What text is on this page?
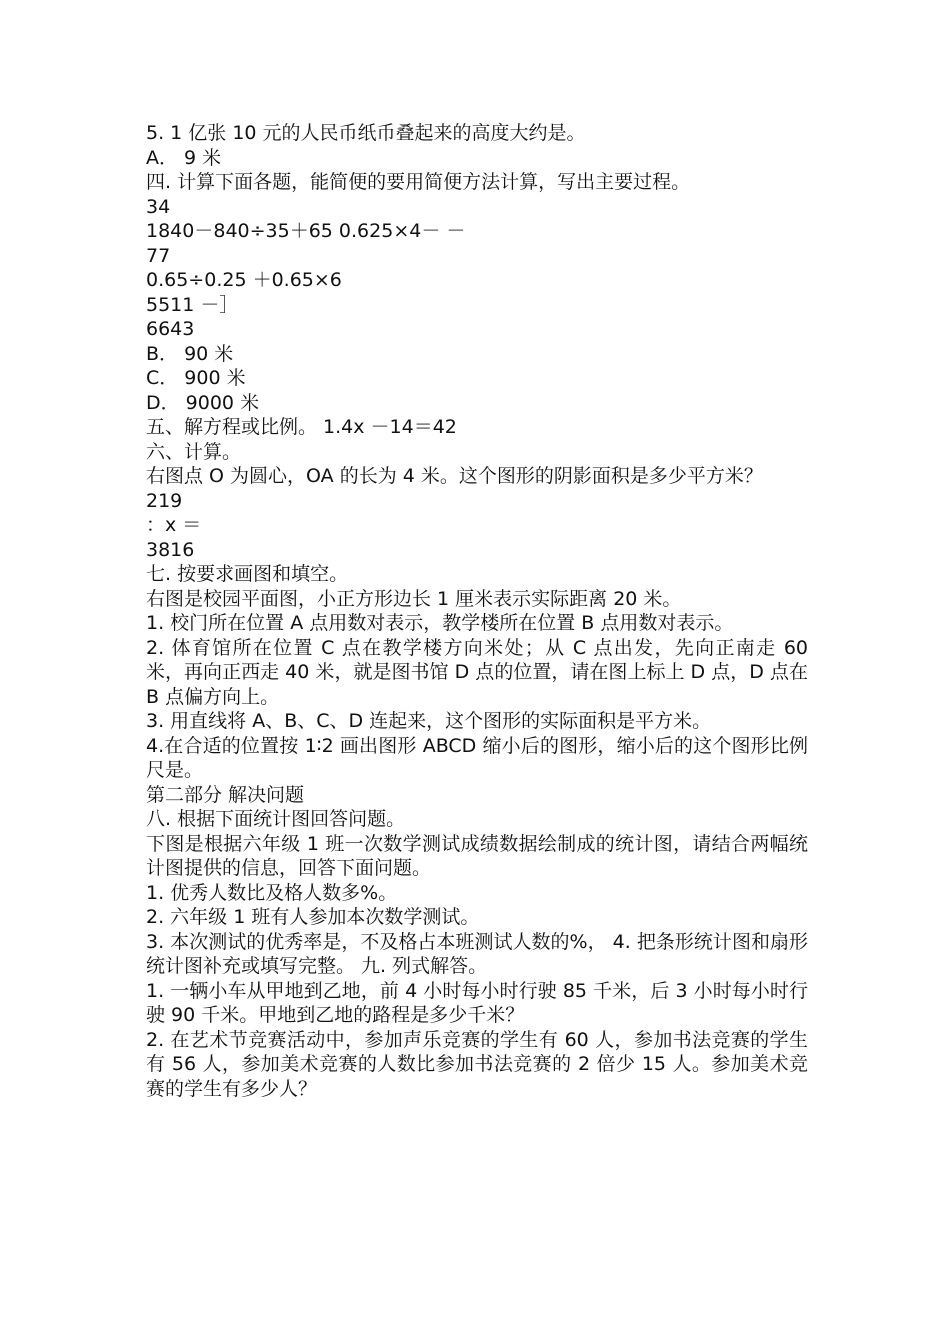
5. 1 亿张 10 元的人民币纸币叠起来的高度大约是。

A． 9 米

四. 计算下面各题，能简便的要用简便方法计算，写出主要过程。

34

1840－840÷35＋65 0.625×4－ －

77

0.65÷0.25 ＋0.65×6

5511 －］

6643

B． 90 米

C． 900 米

D． 9000 米

五、解方程或比例。 1.4x －14＝42

六、计算。

右图点 O 为圆心，OA 的长为 4 米。这个图形的阴影面积是多少平方米？

219

：x ＝

3816

七. 按要求画图和填空。

右图是校园平面图，小正方形边长 1 厘米表示实际距离 20 米。

1. 校门所在位置 A 点用数对表示，教学楼所在位置 B 点用数对表示。

2. 体育馆所在位置 C 点在教学楼方向米处；从 C 点出发，先向正南走 60 米，再向正西走 40 米，就是图书馆 D 点的位置，请在图上标上 D 点，D 点在 B 点偏方向上。

3. 用直线将 A、B、C、D 连起来，这个图形的实际面积是平方米。

4.在合适的位置按 1∶2 画出图形 ABCD 缩小后的图形，缩小后的这个图形比例尺是。

第二部分 解决问题

八. 根据下面统计图回答问题。

下图是根据六年级 1 班一次数学测试成绩数据绘制成的统计图，请结合两幅统计图提供的信息，回答下面问题。

1. 优秀人数比及格人数多%。

2. 六年级 1 班有人参加本次数学测试。

3. 本次测试的优秀率是，不及格占本班测试人数的%， 4. 把条形统计图和扇形统计图补充或填写完整。 九. 列式解答。

1. 一辆小车从甲地到乙地，前 4 小时每小时行驶 85 千米，后 3 小时每小时行驶 90 千米。甲地到乙地的路程是多少千米？

2. 在艺术节竞赛活动中，参加声乐竞赛的学生有 60 人，参加书法竞赛的学生有 56 人，参加美术竞赛的人数比参加书法竞赛的 2 倍少 15 人。参加美术竞赛的学生有多少人？
